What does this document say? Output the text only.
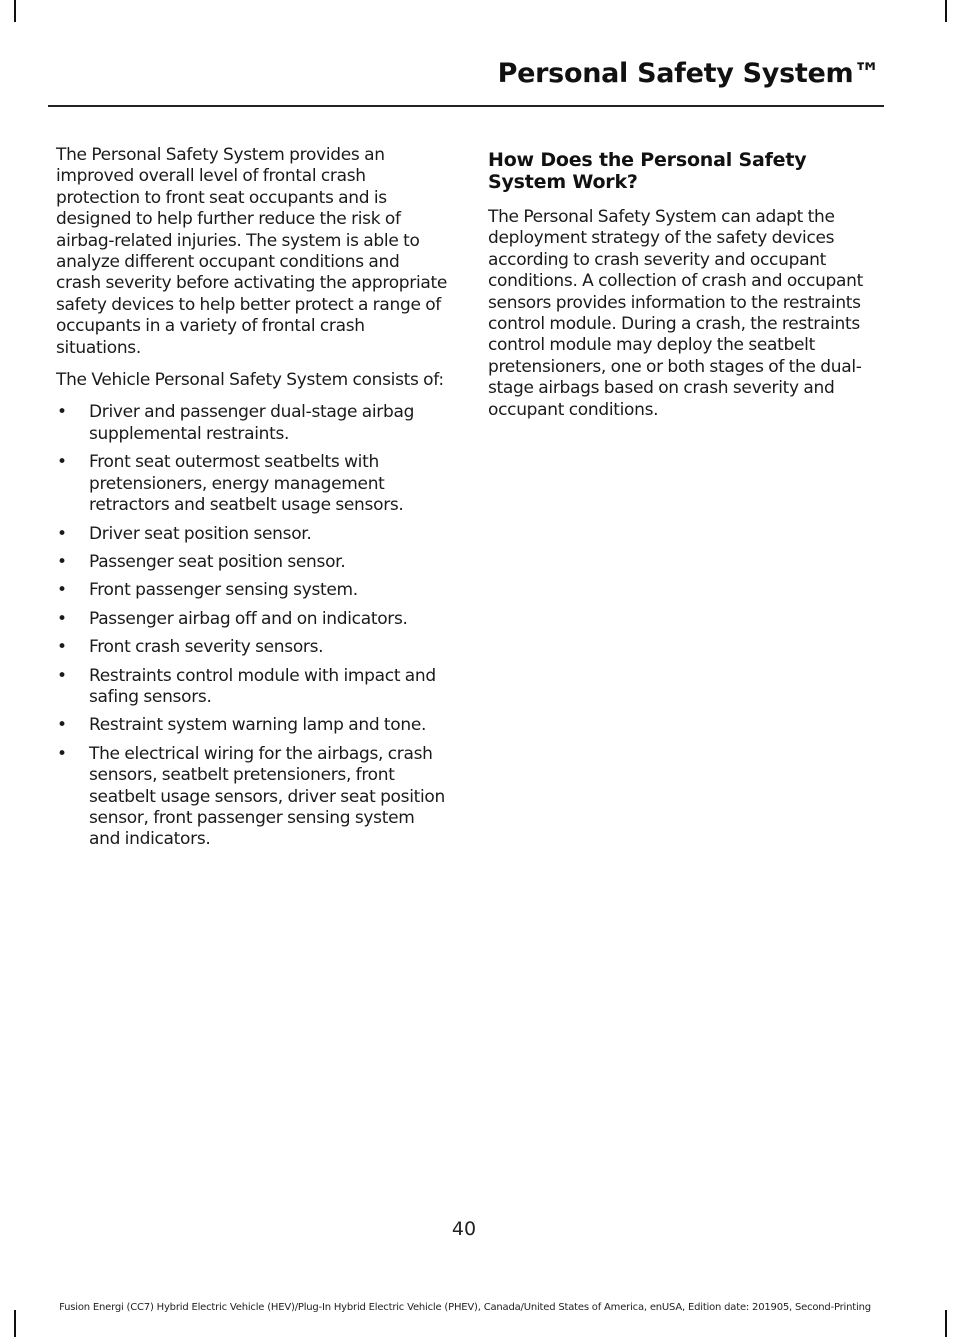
Personal Safety System™

The Personal Safety System provides an improved overall level of frontal crash protection to front seat occupants and is designed to help further reduce the risk of airbag-related injuries. The system is able to analyze different occupant conditions and crash severity before activating the appropriate safety devices to help better protect a range of occupants in a variety of frontal crash situations.

The Vehicle Personal Safety System consists of:

• Driver and passenger dual-stage airbag supplemental restraints.
• Front seat outermost seatbelts with pretensioners, energy management retractors and seatbelt usage sensors.
• Driver seat position sensor.
• Passenger seat position sensor.
• Front passenger sensing system.
• Passenger airbag off and on indicators.
• Front crash severity sensors.
• Restraints control module with impact and safing sensors.
• Restraint system warning lamp and tone.
• The electrical wiring for the airbags, crash sensors, seatbelt pretensioners, front seatbelt usage sensors, driver seat position sensor, front passenger sensing system and indicators.
How Does the Personal Safety System Work?

The Personal Safety System can adapt the deployment strategy of the safety devices according to crash severity and occupant conditions. A collection of crash and occupant sensors provides information to the restraints control module. During a crash, the restraints control module may deploy the seatbelt pretensioners, one or both stages of the dual-stage airbags based on crash severity and occupant conditions.

40
Fusion Energi (CC7) Hybrid Electric Vehicle (HEV)/Plug-In Hybrid Electric Vehicle (PHEV), Canada/United States of America, enUSA, Edition date: 201905, Second-Printing
